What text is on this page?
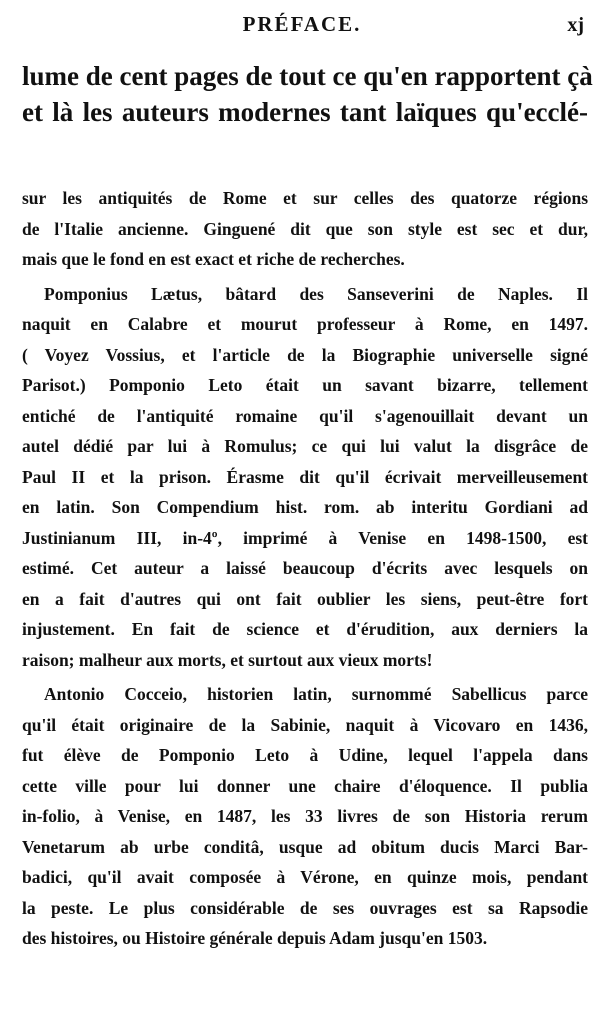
PRÉFACE.	xj
lume de cent pages de tout ce qu'en rapportent çà
et là les auteurs modernes tant laïques qu'ecclé-
sur les antiquités de Rome et sur celles des quatorze régions
de l'Italie ancienne. Ginguené dit que son style est sec et dur,
mais que le fond en est exact et riche de recherches.
Pomponius Lætus, bâtard des Sanseverini de Naples. Il
naquit en Calabre et mourut professeur à Rome, en 1497.
( Voyez Vossius, et l'article de la Biographie universelle signé
Parisot.) Pomponio Leto était un savant bizarre, tellement
entiché de l'antiquité romaine qu'il s'agenouillait devant un
autel dédié par lui à Romulus; ce qui lui valut la disgrâce de
Paul II et la prison. Érasme dit qu'il écrivait merveilleusement
en latin. Son Compendium hist. rom. ab interitu Gordiani ad
Justinianum III, in-4º, imprimé à Venise en 1498-1500, est
estimé. Cet auteur a laissé beaucoup d'écrits avec lesquels on
en a fait d'autres qui ont fait oublier les siens, peut-être fort
injustement. En fait de science et d'érudition, aux derniers la
raison; malheur aux morts, et surtout aux vieux morts!
Antonio Cocceio, historien latin, surnommé Sabellicus parce
qu'il était originaire de la Sabinie, naquit à Vicovaro en 1436,
fut élève de Pomponio Leto à Udine, lequel l'appela dans
cette ville pour lui donner une chaire d'éloquence. Il publia
in-folio, à Venise, en 1487, les 33 livres de son Historia rerum
Venetarum ab urbe conditâ, usque ad obitum ducis Marci Bar-
badici, qu'il avait composée à Vérone, en quinze mois, pendant
la peste. Le plus considérable de ses ouvrages est sa Rapsodie
des histoires, ou Histoire générale depuis Adam jusqu'en 1503.
